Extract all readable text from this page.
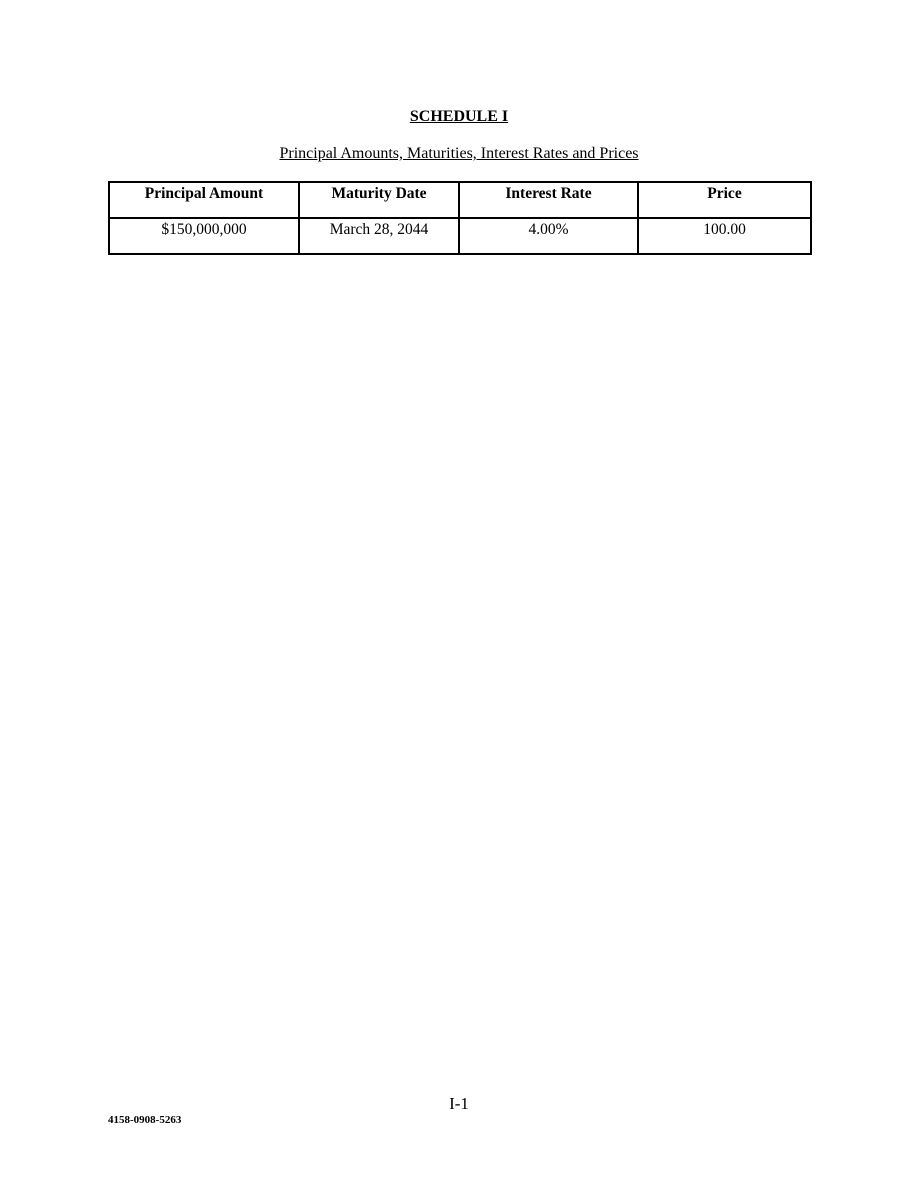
SCHEDULE I
Principal Amounts, Maturities, Interest Rates and Prices
Principal Amount	Maturity Date	Interest Rate	Price
$150,000,000	March 28, 2044	4.00%	100.00
I-1
4158-0908-5263
